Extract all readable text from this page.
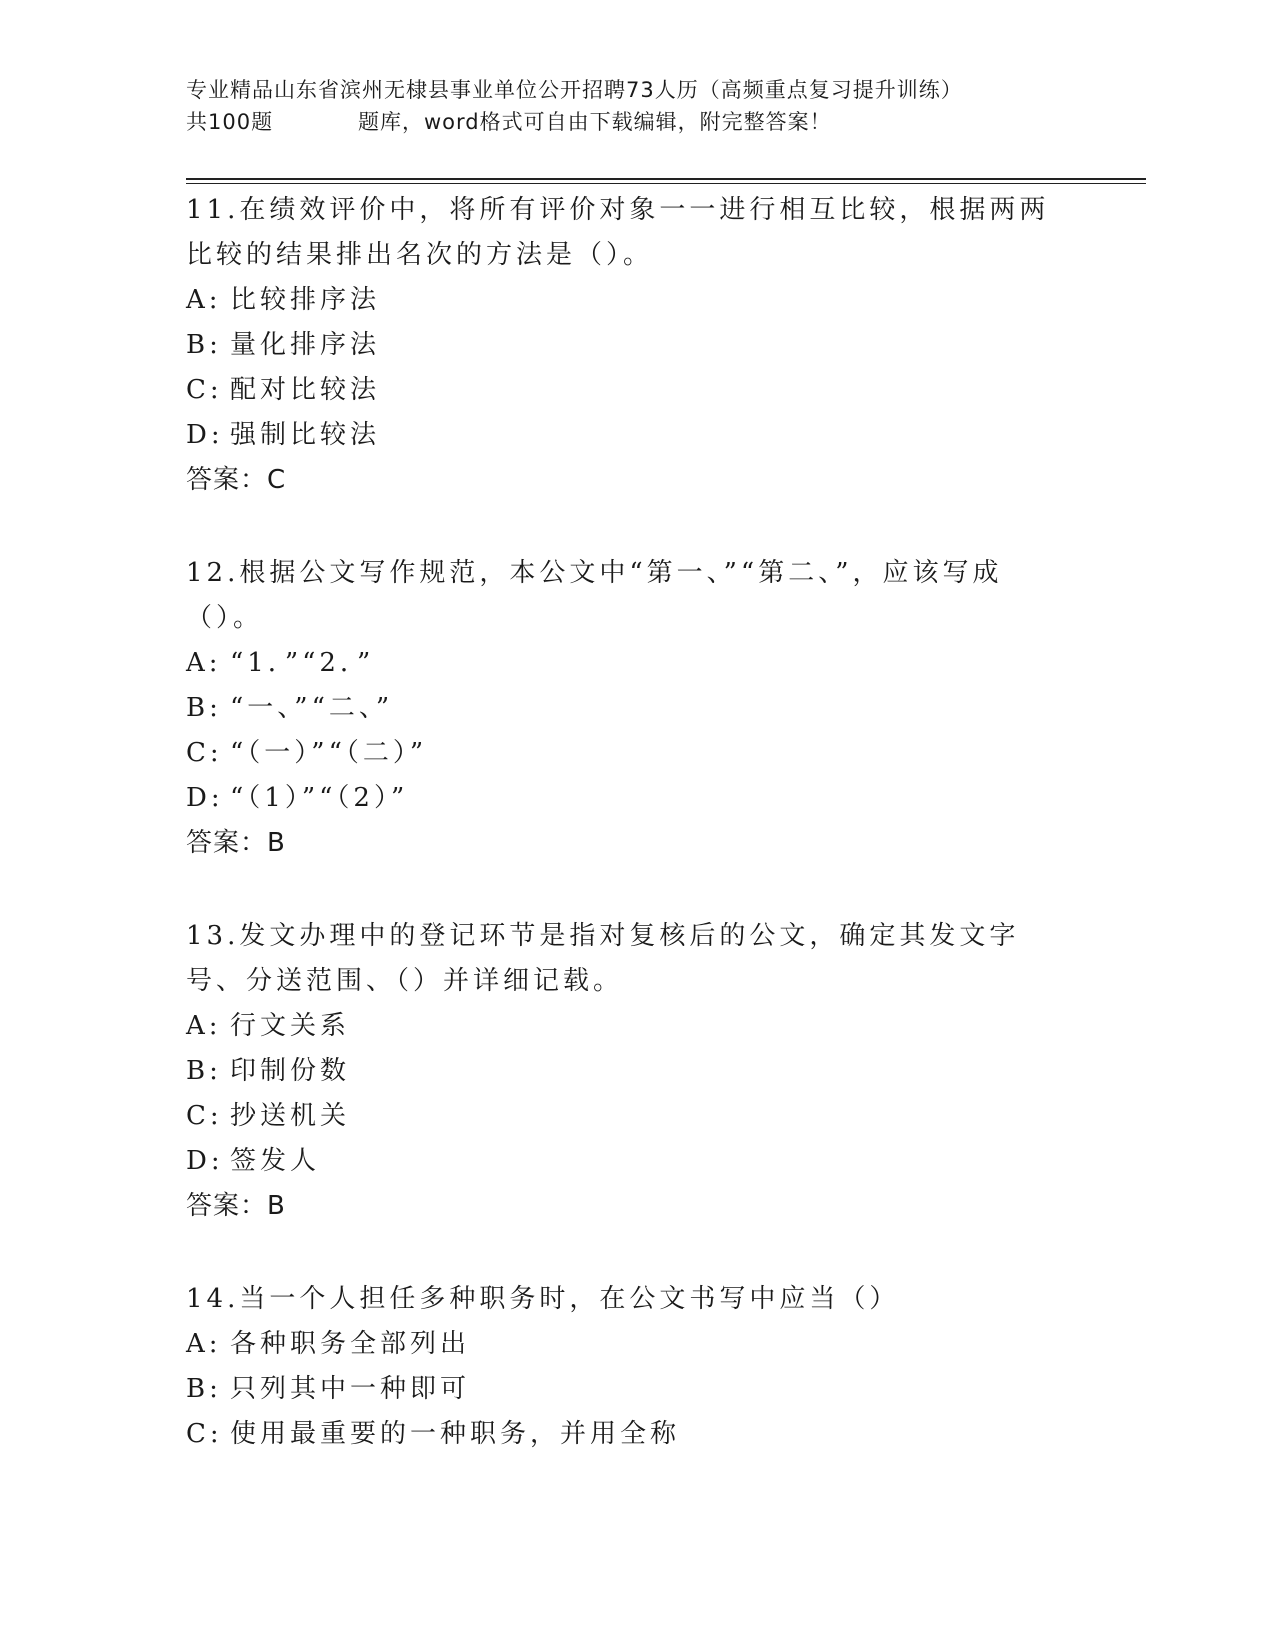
专业精品山东省滨州无棣县事业单位公开招聘73人历（高频重点复习提升训练）
共100题	题库，word格式可自由下载编辑，附完整答案！

11.在绩效评价中，将所有评价对象一一进行相互比较，根据两两比较的结果排出名次的方法是（）。

A: 比较排序法
B: 量化排序法
C: 配对比较法
D: 强制比较法
答案：C

12.根据公文写作规范，本公文中“第一、”“第二、”，应该写成（）。

A: “1．”“2．”
B: “一、”“二、”
C: “（一）”“（二）”
D: “（1）”“（2）”
答案：B

13.发文办理中的登记环节是指对复核后的公文，确定其发文字号、分送范围、（）并详细记载。

A: 行文关系
B: 印制份数
C: 抄送机关
D: 签发人
答案：B

14.当一个人担任多种职务时，在公文书写中应当（）

A: 各种职务全部列出
B: 只列其中一种即可
C: 使用最重要的一种职务，并用全称
